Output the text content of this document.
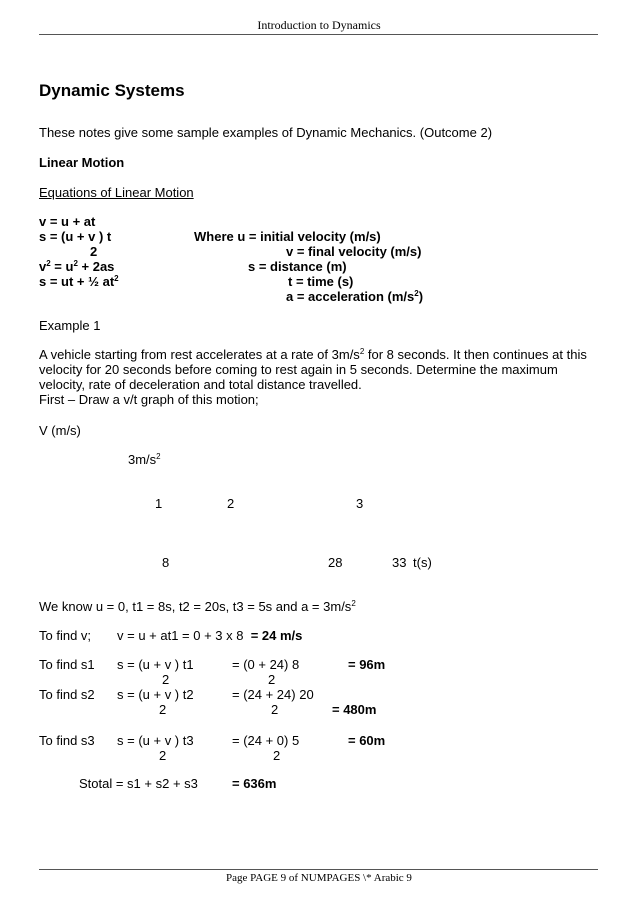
Introduction to Dynamics
Dynamic Systems
These notes give some sample examples of Dynamic Mechanics. (Outcome 2)
Linear Motion
Equations of Linear Motion
v = u + at
s = (u + v ) t
2
$v^2 = u^2 + 2as$
s = ut + ½ $at^2$
Where u = initial velocity (m/s)
v = final velocity (m/s)
s = distance (m)
t = time (s)
a = acceleration $(m/s^2)$
Example 1
A vehicle starting from rest accelerates at a rate of $3m/s^2$ for 8 seconds. It then continues at this velocity for 20 seconds before coming to rest again in 5 seconds. Determine the maximum velocity, rate of deceleration and total distance travelled.
First – Draw a v/t graph of this motion;
V (m/s)
$3m/s^2$
1	2	3
8	28	33 t(s)
We know u = 0, t1 = 8s, t2 = 20s, t3 = 5s and $a = 3m/s^2$
To find v; v = u + at1 = 0 + 3 x 8 = 24 m/s
To find s1 s = (u + v ) t1
2
= (0 + 24) 8
2
= 96m
To find s2 s = (u + v ) t2
2
= (24 + 24) 20
2	= 480m
To find s3 s = (u + v ) t3
2
= (24 + 0) 5
2
= 60m
Stotal = s1 + s2 + s3	= 636m
Page PAGE 9 of NUMPAGES \* Arabic 9
